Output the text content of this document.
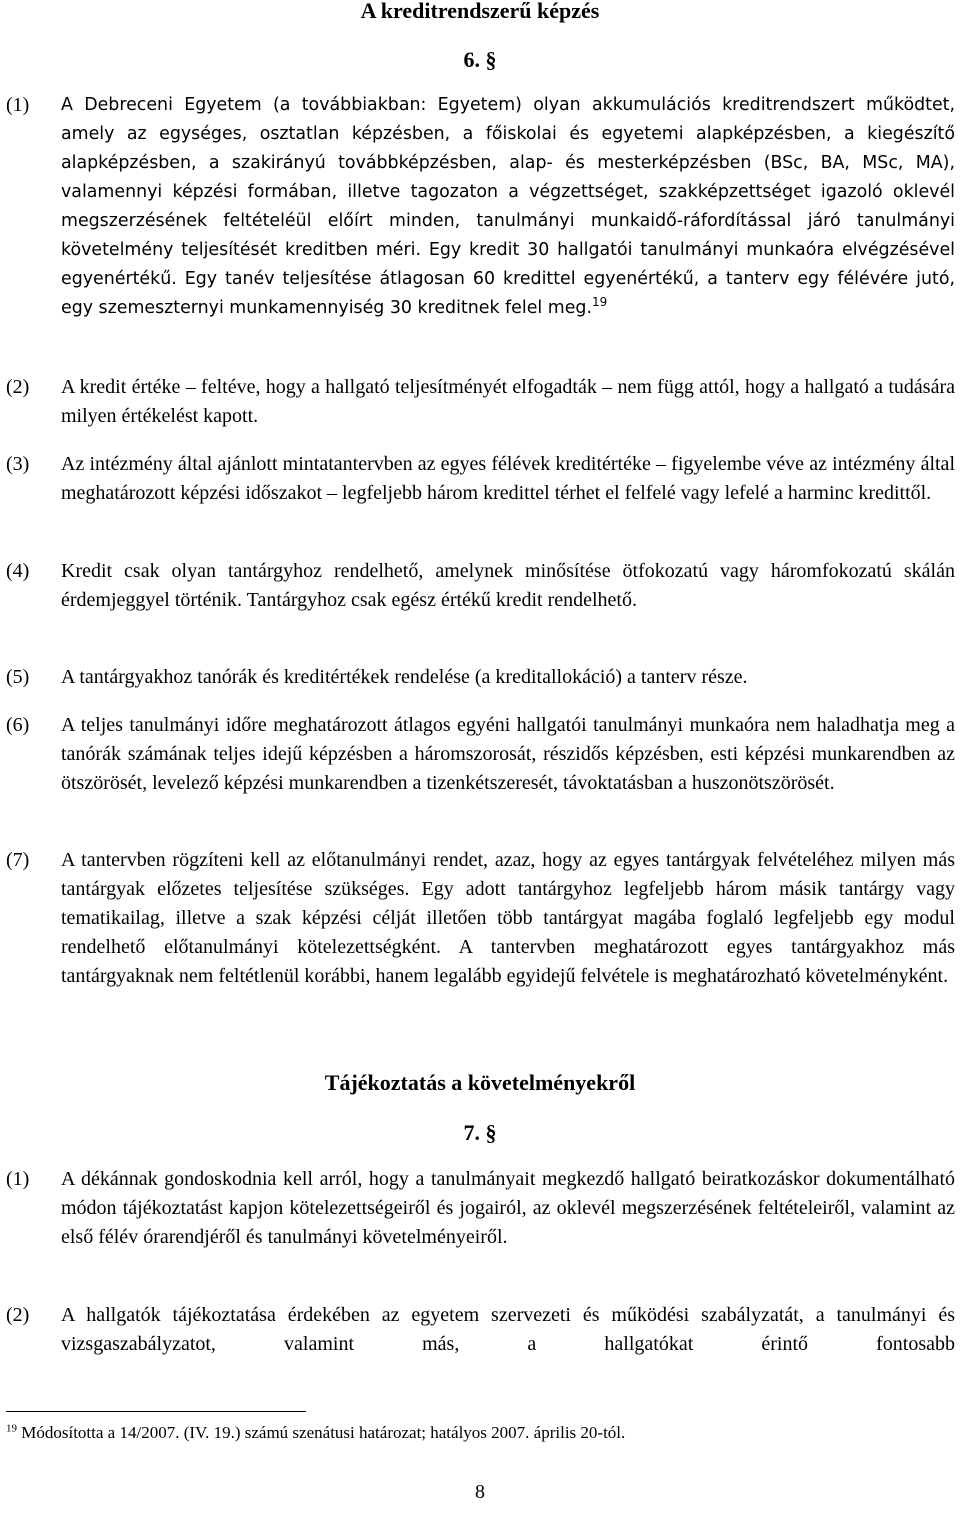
A kreditrendszerű képzés
6. §
(1) A Debreceni Egyetem (a továbbiakban: Egyetem) olyan akkumulációs kreditrendszert működtet, amely az egységes, osztatlan képzésben, a főiskolai és egyetemi alapképzésben, a kiegészítő alapképzésben, a szakirányú továbbképzésben, alap- és mesterképzésben (BSc, BA, MSc, MA), valamennyi képzési formában, illetve tagozaton a végzettséget, szakképzettséget igazoló oklevél megszerzésének feltételéül előírt minden, tanulmányi munkaidő-ráfordítással járó tanulmányi követelmény teljesítését kreditben méri. Egy kredit 30 hallgatói tanulmányi munkaóra elvégzésével egyenértékű. Egy tanév teljesítése átlagosan 60 kredittel egyenértékű, a tanterv egy félévére jutó, egy szemeszternyi munkamennyiség 30 kreditnek felel meg.$^{19}$
(2) A kredit értéke – feltéve, hogy a hallgató teljesítményét elfogadták – nem függ attól, hogy a hallgató a tudására milyen értékelést kapott.
(3) Az intézmény által ajánlott mintatantervben az egyes félévek kreditértéke – figyelembe véve az intézmény által meghatározott képzési időszakot – legfeljebb három kredittel térhet el felfelé vagy lefelé a harminc kredittől.
(4) Kredit csak olyan tantárgyhoz rendelhető, amelynek minősítése ötfokozatú vagy háromfokozatú skálán érdemjeggyel történik. Tantárgyhoz csak egész értékű kredit rendelhető.
(5) A tantárgyakhoz tanórák és kreditértékek rendelése (a kreditallokáció) a tanterv része.
(6) A teljes tanulmányi időre meghatározott átlagos egyéni hallgatói tanulmányi munkaóra nem haladhatja meg a tanórák számának teljes idejű képzésben a háromszorosát, részidős képzésben, esti képzési munkarendben az ötszörösét, levelező képzési munkarendben a tizenkétszeresét, távoktatásban a huszonötszörösét.
(7) A tantervben rögzíteni kell az előtanulmányi rendet, azaz, hogy az egyes tantárgyak felvételéhez milyen más tantárgyak előzetes teljesítése szükséges. Egy adott tantárgyhoz legfeljebb három másik tantárgy vagy tematikailag, illetve a szak képzési célját illetően több tantárgyat magába foglaló legfeljebb egy modul rendelhető előtanulmányi kötelezettségként. A tantervben meghatározott egyes tantárgyakhoz más tantárgyaknak nem feltétlenül korábbi, hanem legalább egyidejű felvétele is meghatározható követelményként.
Tájékoztatás a követelményekről
7. §
(1) A dékánnak gondoskodnia kell arról, hogy a tanulmányait megkezdő hallgató beiratkozáskor dokumentálható módon tájékoztatást kapjon kötelezettségeiről és jogairól, az oklevél megszerzésének feltételeiről, valamint az első félév órarendjéről és tanulmányi követelményeiről.
(2) A hallgatók tájékoztatása érdekében az egyetem szervezeti és működési szabályzatát, a tanulmányi és vizsgaszabályzatot, valamint más, a hallgatókat érintő fontosabb
$^{19}$ Módosította a 14/2007. (IV. 19.) számú szenátusi határozat; hatályos 2007. április 20-tól.
8
